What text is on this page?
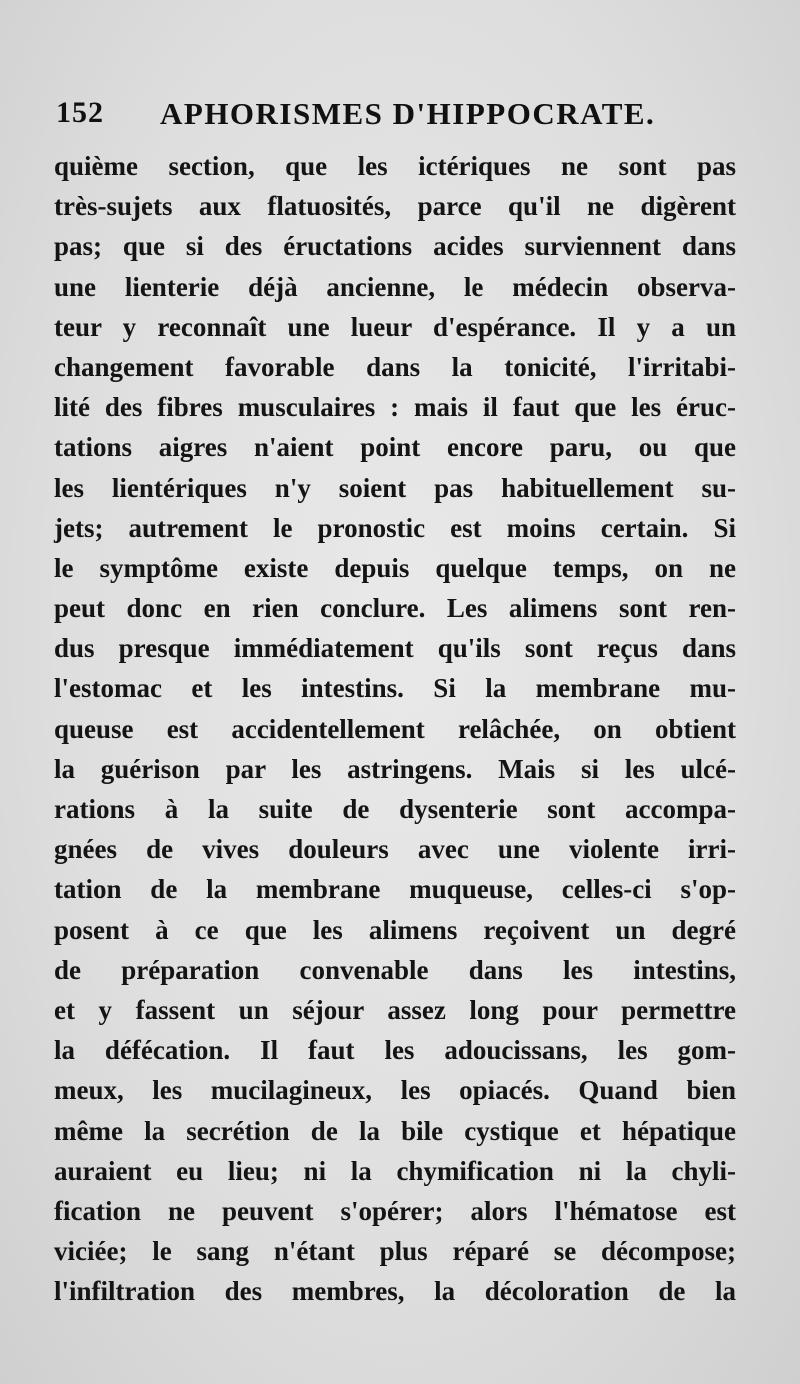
152 APHORISMES D'HIPPOCRATE.
quième section, que les ictériques ne sont pas
très-sujets aux flatuosités, parce qu'il ne digèrent
pas; que si des éructations acides surviennent dans
une lienterie déjà ancienne, le médecin observa-
teur y reconnaît une lueur d'espérance. Il y a un
changement favorable dans la tonicité, l'irritabi-
lité des fibres musculaires : mais il faut que les éruc-
tations aigres n'aient point encore paru, ou que
les lientériques n'y soient pas habituellement su-
jets; autrement le pronostic est moins certain. Si
le symptôme existe depuis quelque temps, on ne
peut donc en rien conclure. Les alimens sont ren-
dus presque immédiatement qu'ils sont reçus dans
l'estomac et les intestins. Si la membrane mu-
queuse est accidentellement relâchée, on obtient
la guérison par les astringens. Mais si les ulcé-
rations à la suite de dysenterie sont accompa-
gnées de vives douleurs avec une violente irri-
tation de la membrane muqueuse, celles-ci s'op-
posent à ce que les alimens reçoivent un degré
de préparation convenable dans les intestins,
et y fassent un séjour assez long pour permettre
la défécation. Il faut les adoucissans, les gom-
meux, les mucilagineux, les opiacés. Quand bien
même la secrétion de la bile cystique et hépatique
auraient eu lieu; ni la chymification ni la chyli-
fication ne peuvent s'opérer; alors l'hématose est
viciée; le sang n'étant plus réparé se décompose;
l'infiltration des membres, la décoloration de la
